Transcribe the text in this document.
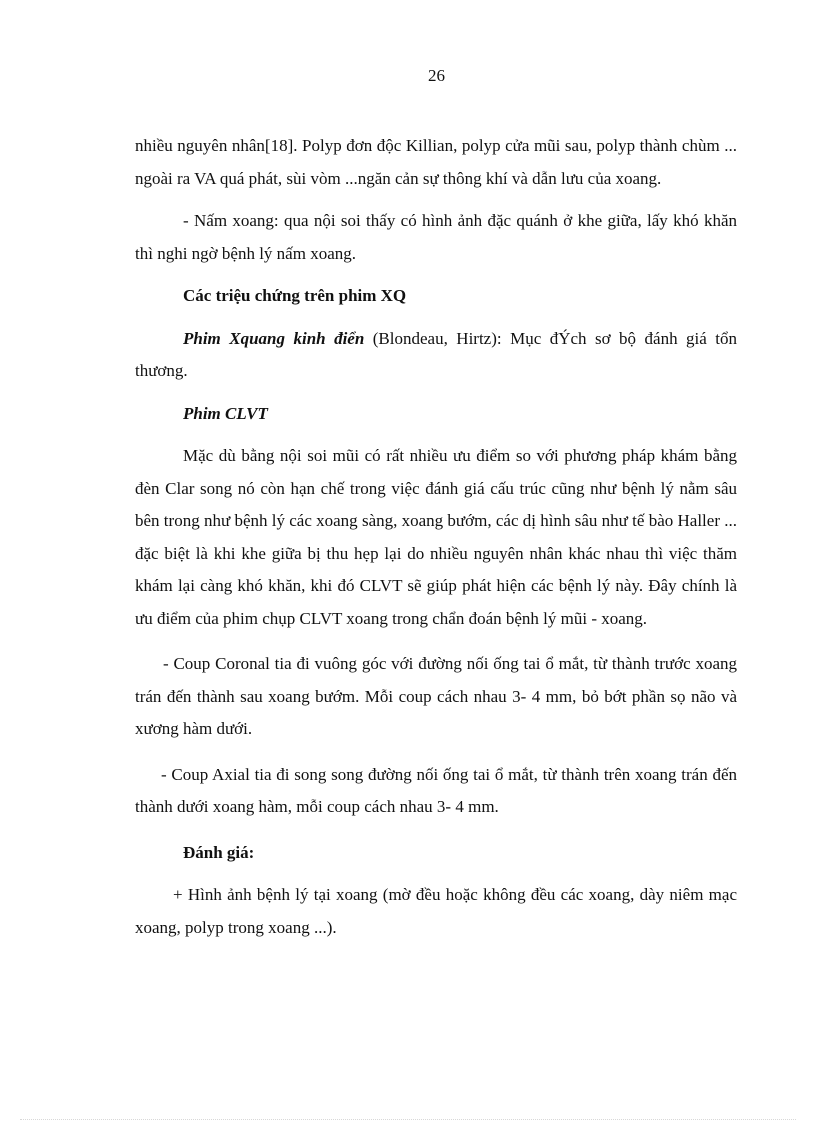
26

nhiều nguyên nhân[18]. Polyp đơn độc Killian, polyp cửa mũi sau, polyp thành chùm ... ngoài ra VA quá phát, sùi vòm ...ngăn cản sự thông khí và dẫn lưu của xoang.

- Nấm xoang: qua nội soi thấy có hình ảnh đặc quánh ở khe giữa, lấy khó khăn thì nghi ngờ bệnh lý nấm xoang.

Các triệu chứng trên phim XQ

Phim Xquang kinh điển (Blondeau, Hirtz): Mục đÝch sơ bộ đánh giá tổn thương.

Phim CLVT

Mặc dù bằng nội soi mũi có rất nhiều ưu điểm so với phương pháp khám bằng đèn Clar song nó còn hạn chế trong việc đánh giá cấu trúc cũng như bệnh lý nằm sâu bên trong như bệnh lý các xoang sàng, xoang bướm, các dị hình sâu như tế bào Haller ... đặc biệt là khi khe giữa bị thu hẹp lại do nhiều nguyên nhân khác nhau thì việc thăm khám lại càng khó khăn, khi đó CLVT sẽ giúp phát hiện các bệnh lý này. Đây chính là ưu điểm của phim chụp CLVT xoang trong chẩn đoán bệnh lý mũi - xoang.

- Coup Coronal tia đi vuông góc với đường nối ống tai ổ mắt, từ thành trước xoang trán đến thành sau xoang bướm. Mỗi coup cách nhau 3- 4 mm, bỏ bớt phần sọ não và xương hàm dưới.

- Coup Axial tia đi song song đường nối ống tai ổ mắt, từ thành trên xoang trán đến thành dưới xoang hàm, mỗi coup cách nhau 3- 4 mm.

Đánh giá:

+ Hình ảnh bệnh lý tại xoang (mờ đều hoặc không đều các xoang, dày niêm mạc xoang, polyp trong xoang ...).
